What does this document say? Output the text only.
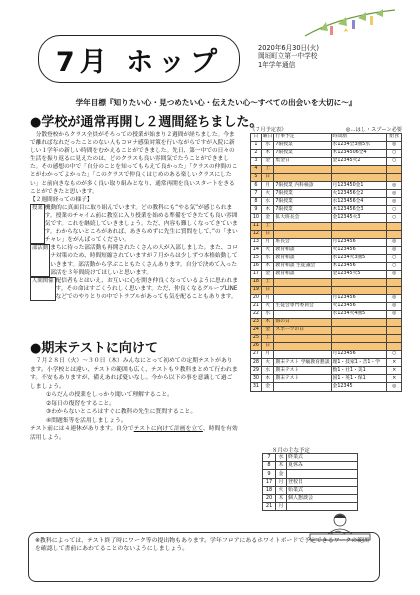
7月 ホップ	2020年6月30日(火)
岡垣町立第一中学校
1年学年通信
学年目標『知りたい心・見つめたい心・伝えたい心～すべての出会いを大切に～』
●学校が通常再開し２週間経ちました。

分散登校からクラス全員がそろっての授業が始まり２週間が経ちました。今まで離ればなれだったことのない人もコロナ感染対策を行いながらですが入院に新しい１学年の新しい時間をむかえることができました。先日、第一中での日々の生活を振り返るに見えたのは、どのクラスも良い雰囲気でたうことができました。その感想の中で「自分のことを知ってもらえて良かった」「クラスの仲間のことがわかってよかった」「このクラスで仲良くはじめのある楽しいクラスにしたい」と前向きなものが多く良い取り組みとなり、通常再開を良いスタートをきることができたと思います。

【２週間経っての様子】

授業 機動的に真面目に取り組んでいます。どの教科にも“やる気”が感じられます。授業のチャイム前に教室に入り授業を始める準備をできたても良い雰囲気です。これを継続していきましょう。ただ、内容も難しくなってきています。わからないところがあれば、あきらめずに先生に質問をして、”の「まいチャレ」をがんばってください。
部活動 まちに待った部活動も再開されたくさんの人が入部しました。また、コロナ対策のため、時間短縮されていますが７月からは少しずつ本格始動していきます。部活動から学ぶこともたくさんあります。自分で決めて入った部活を３年間続けてほしいと思います。
人間関係 配信者もとはいえ、お互いに心を開き仲良くなっているように思われます。その命はすごくうれしく思います。ただ、仲良くなるグループLINEなどでのやりとりの中でトラブルがあっても気を配ることもあります。
●期末テストに向けて

７月２８日（火）～３０日（木）みんなにとって初めての定期テストがあります。小学校とは違い、テストの範囲も広く、テストも９教科まとめて行われます。不安もありますが、備えあれば憂いなし。今から以下の事を意識して過ごしましょう。

①らだんの授業をしっかり聞いて理解すること。

②毎日の復習をすること。

③わからないところはすぐに教科の先生に質問すること。

④問題集等を活用しましょう。

テスト前には４連休があります。自分でテストに向けて計画を立て、時間を有効活用しよう。

《７月予定表》	◎…はし・スプーン必要
日	曜日	行事予定	時間割	給食
1	水	7限授業	水1234全3曲5水	◎
2	木	7限授業	木1234506全4	○
3	金	集金日	金12345火2	○
4	土			
5	日			
6	月	7限授業 内科検診	月123450金1	◎
7	火	7限授業	火123456全2	◎
8	水	7限授業	水123456全4	◎
9	木	7限授業	木123456全3	○
10	金	拡大班長会	金12345火3	○
11	土			
12	日			
13	月	班長会	月123456	◎
14	火	教育相談	火123456	◎
15	水	教育相談	水1234火3曲5	○
16	木	教育相談 生徒議会	木123456	○
17	金	教育相談	金12345火5	◎
18	土			
19	日			
20	月		月123456	◎
21	火	生徒会専門委員会	火123456	◎
22	水		水1234火4曲5	◎
23	木	海の日		
24	金	スポーツの日		
25	土			
26	日			
27	月		月123456	○
28	火	期末テスト 学級教育懇談	理1・技家1・音1・学	×
29	水	期末テスト	数1・社1・美1	×
30	木	期末テスト	国1・英1・保1	×
31	金		金12345	◎
８月の主な予定
7	水	終業式
8	木	夏休み
9	金	
17	月	登校日
18	火	始業式
20	木	個人懇談会
21	月	
※教科によっては、テスト終了時にワーク等の提出物もあります。学年フロアにあるホワイトボードで予定できるワークの範囲を確認して書前にあわてることのないようにしましょう。
